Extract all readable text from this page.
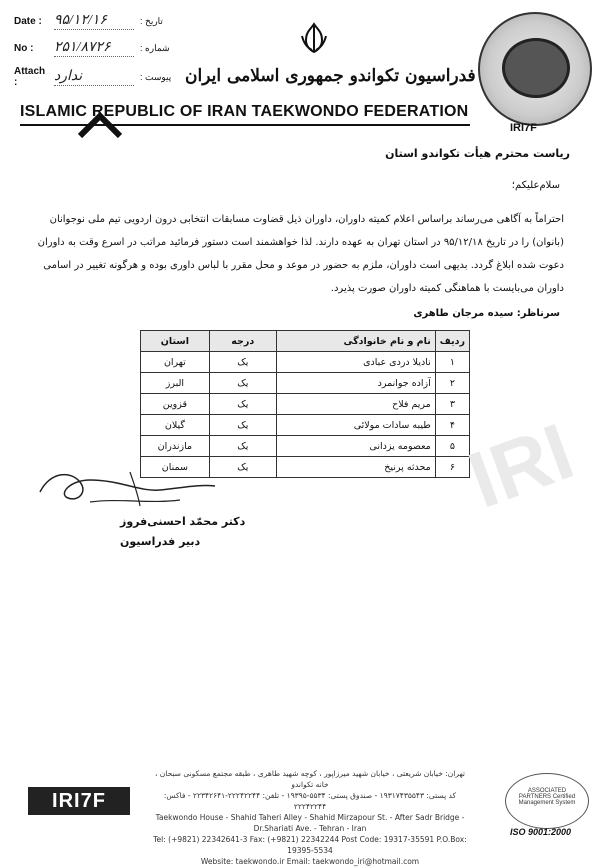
Date : ۹۵/۱۲/۱۶	: تاریخ
No :	۲۵۱/۸۷۲۶	: شماره
Attach :	ندارد	: پیوست فدراسیون تکواندو جمهوری اسلامی ایران
ISLAMIC REPUBLIC OF IRAN TAEKWONDO FEDERATION
IRI7F
ریاست محترم هیأت تکواندو استان
سلام‌علیکم؛
احتراماً به آگاهی می‌رساند براساس اعلام کمیته داوران، داوران ذیل قضاوت مسابقات انتخابی درون اردویی تیم ملی نوجوانان (بانوان) را در تاریخ ۹۵/۱۲/۱۸ در استان تهران به عهده دارند. لذا خواهشمند است دستور فرمائید مراتب در اسرع وقت به داوران دعوت شده ابلاغ گردد. بدیهی است داوران، ملزم به حضور در موعد و محل مقرر با لباس داوری بوده و هرگونه تغییر در اسامی داوران می‌بایست با هماهنگی کمیته داوران صورت پذیرد.
سرناظر: سیده مرجان طاهری
ردیف	نام و نام خانوادگی	درجه	استان
۱	نادیلا دردی عبادی	یک	تهران
۲	آزاده جوانمرد	یک	البرز
۳	مریم فلاح	یک	قزوین
۴	طیبه سادات مولائی	یک	گیلان
۵	معصومه یزدانی	یک	مازندران
۶	محدثه پرنیخ	یک	سمنان	IRI
دکتر محمّد احسنی‌فروز
دبیر فدراسیون
IRI7F
تهران: خیابان شریعتی ، خیابان شهید میرزاپور ، کوچه شهید طاهری ، طبقه مجتمع مسکونی سبحان ، خانه تکواندو
کد پستی: ۱۹۳۱۷۴۳۵۵۴۳ - صندوق پستی: ۵۵۳۴-۱۹۳۹۵ - تلفن: ۲۲۲۴۲۲۴۴-۲۲۳۴۲۶۴۱ - فاکس: ۲۲۲۴۲۲۴۴
Taekwondo House - Shahid Taheri Alley - Shahid Mirzapour St. - After Sadr Bridge - Dr.Shariati Ave. - Tehran - Iran
Tel: (+9821) 22342641-3 Fax: (+9821) 22342244 Post Code: 19317-35591 P.O.Box: 19395-5534
Website: taekwondo.ir Email: taekwondo_iri@hotmail.com
ASSOCIATED PARTNERS Certified Management System
ISO 9001:2000
